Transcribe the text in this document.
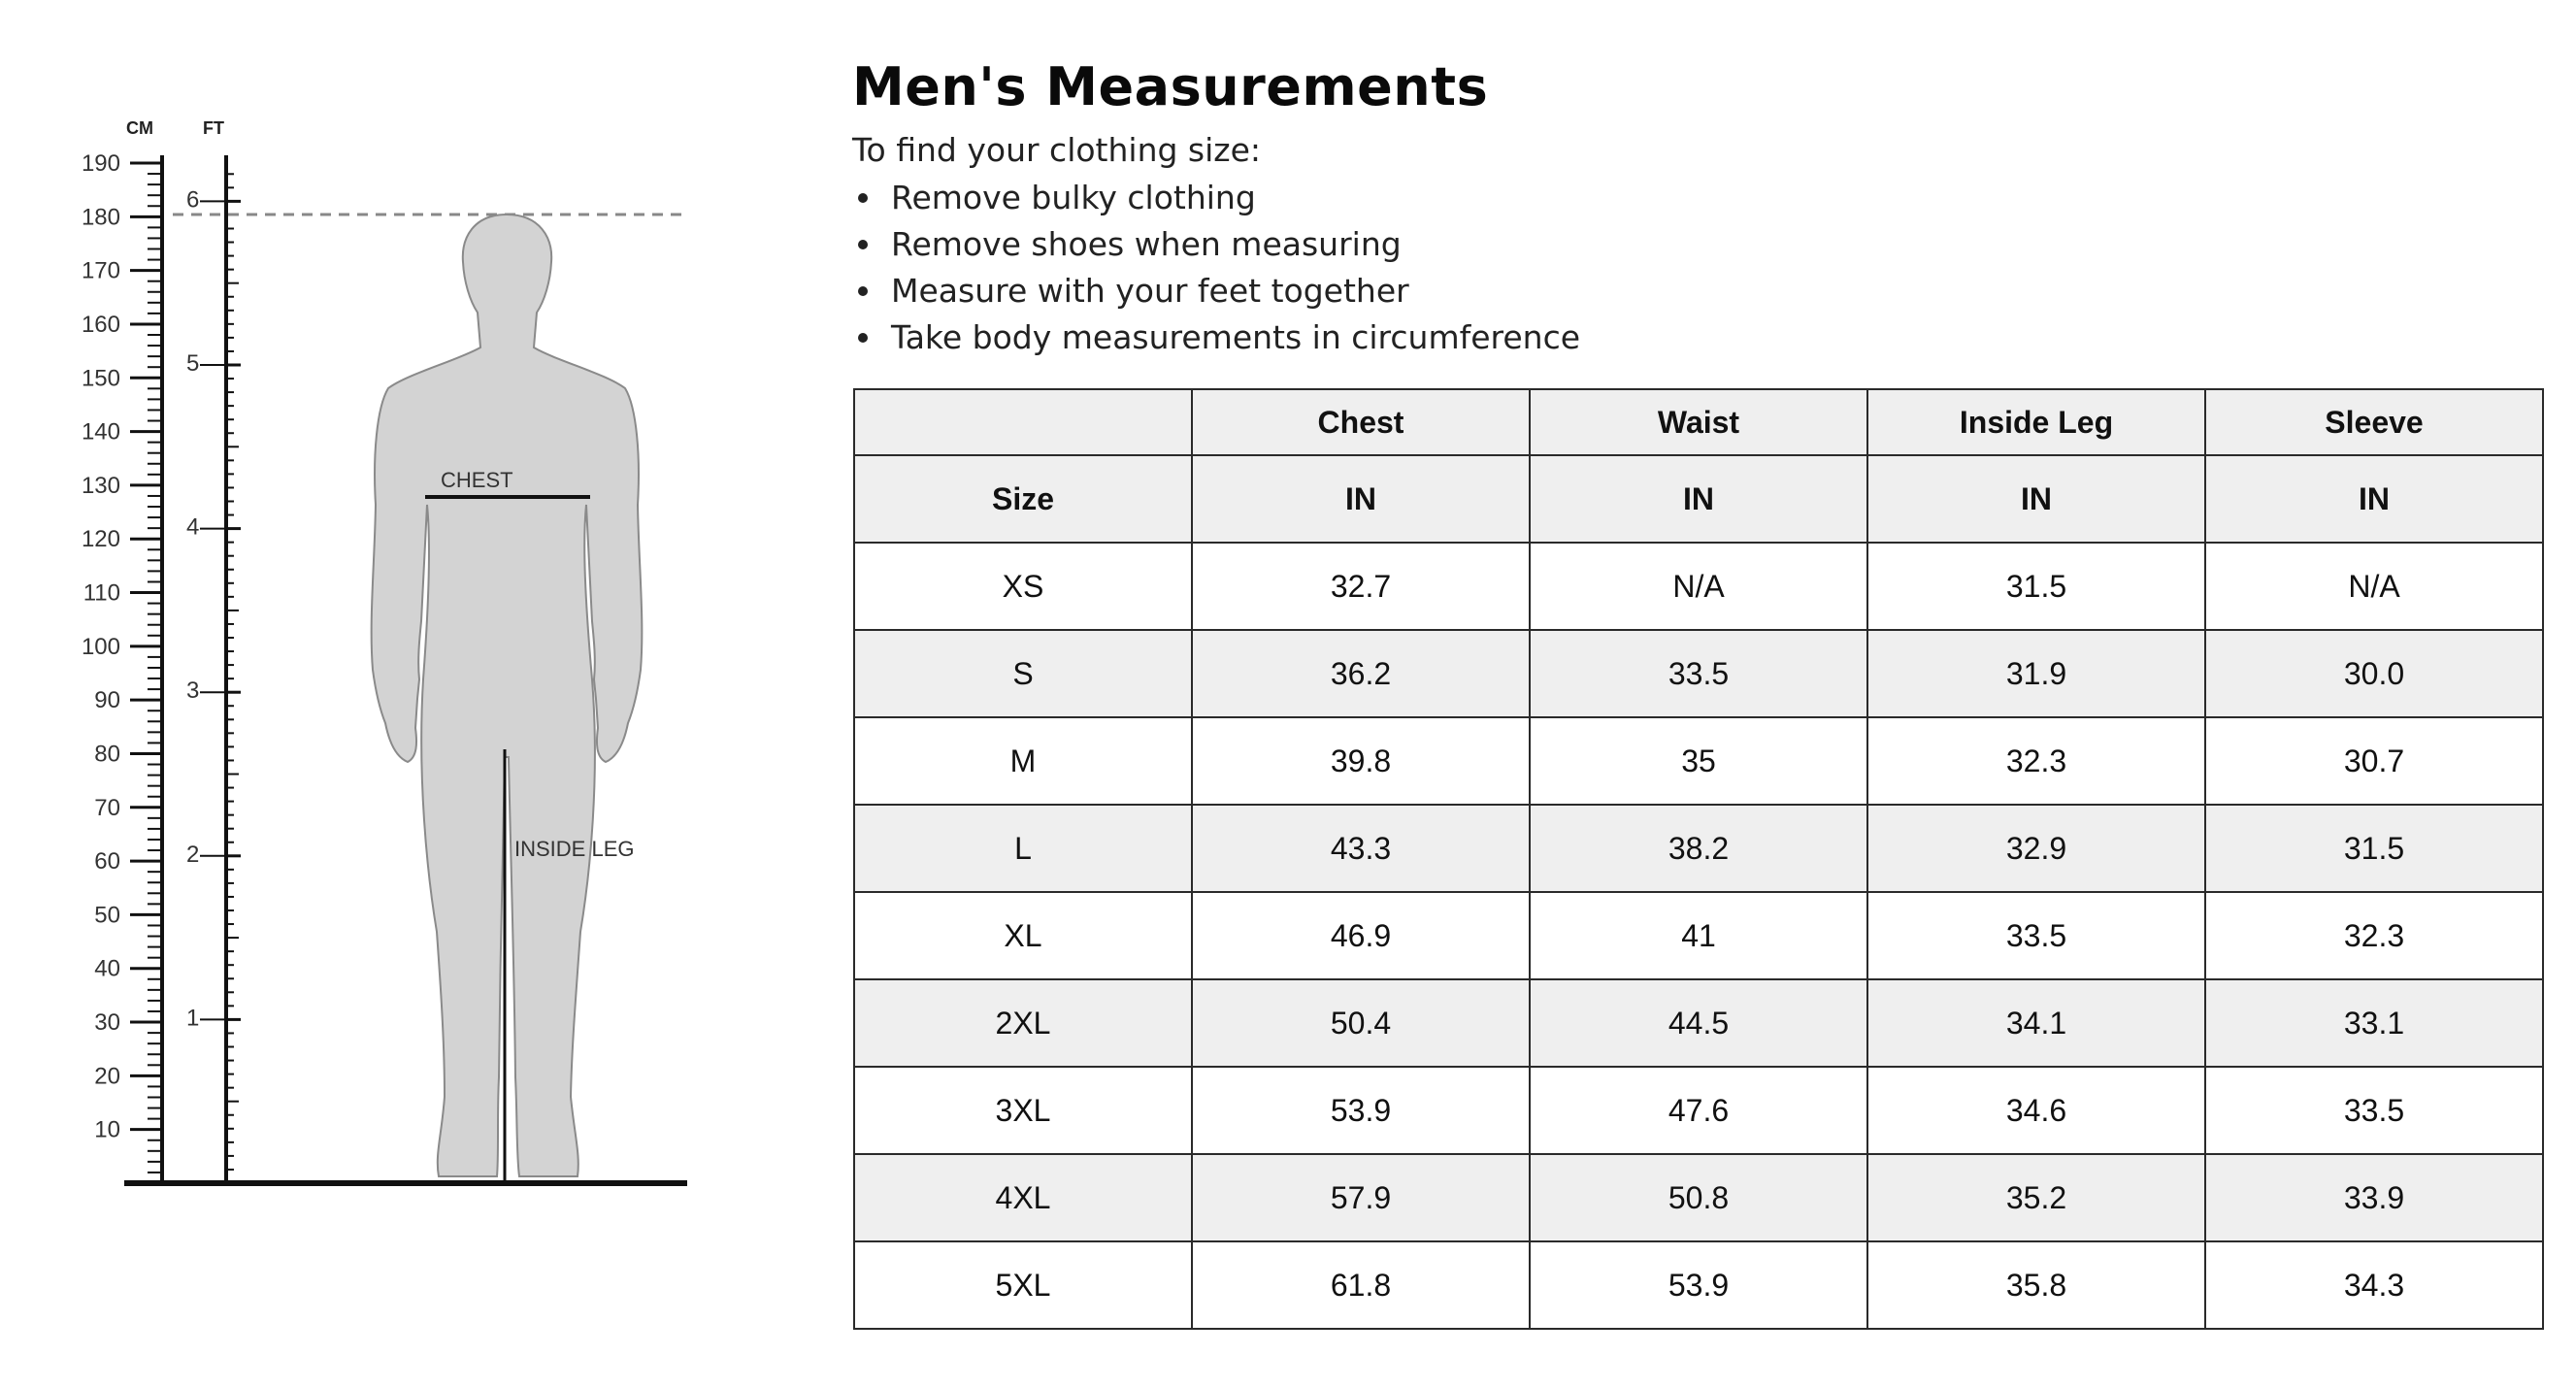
CM	FT
190
180
170
160
150
140
130
120
110
100
90
80
70
60
50
40
30
20
10
6
5
4
3
2
1
CHEST
INSIDE LEG
Men's Measurements

To find your clothing size:

Remove bulky clothing
Remove shoes when measuring
Measure with your feet together
Take body measurements in circumference
	Chest	Waist	Inside Leg	Sleeve
Size	IN	IN	IN	IN
XS	32.7	N/A	31.5	N/A
S	36.2	33.5	31.9	30.0
M	39.8	35	32.3	30.7
L	43.3	38.2	32.9	31.5
XL	46.9	41	33.5	32.3
2XL	50.4	44.5	34.1	33.1
3XL	53.9	47.6	34.6	33.5
4XL	57.9	50.8	35.2	33.9
5XL	61.8	53.9	35.8	34.3
